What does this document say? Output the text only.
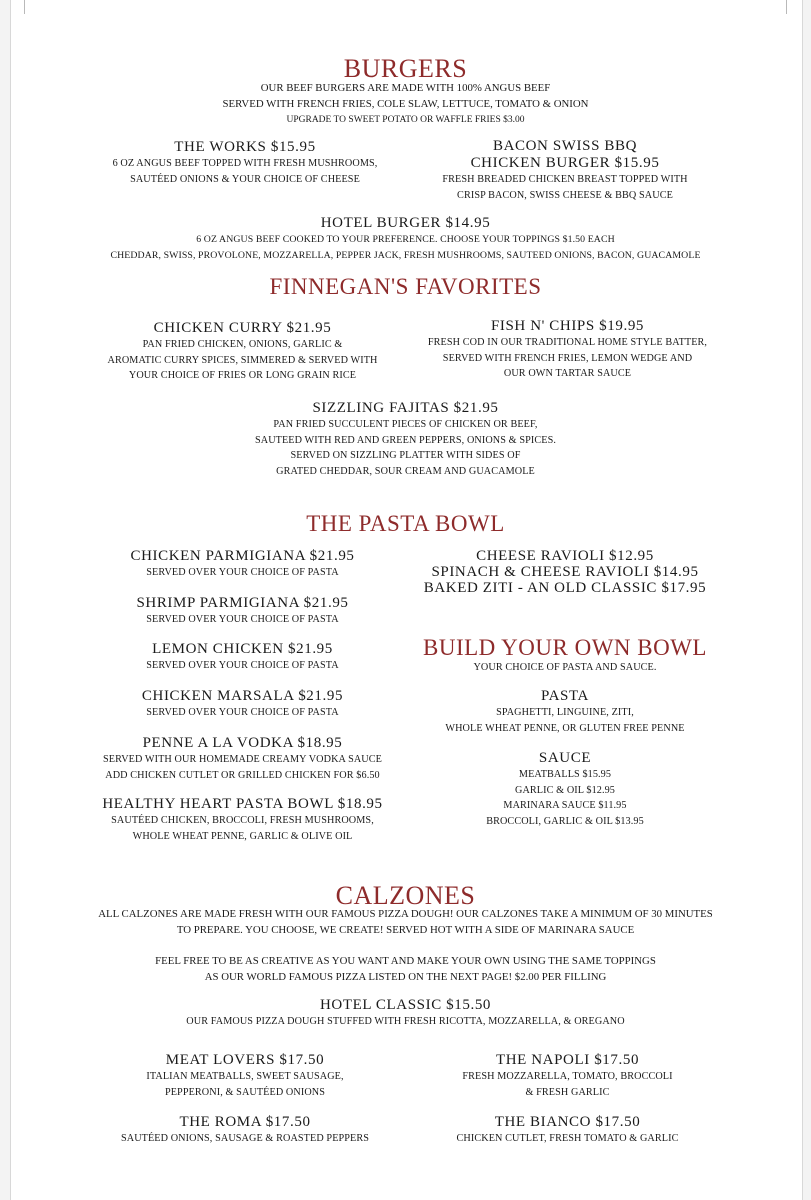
BURGERS
OUR BEEF BURGERS ARE MADE WITH 100% ANGUS BEEF
SERVED WITH FRENCH FRIES, COLE SLAW, LETTUCE, TOMATO & ONION
UPGRADE TO SWEET POTATO OR WAFFLE FRIES $3.00
THE WORKS $15.95
6 OZ ANGUS BEEF TOPPED WITH FRESH MUSHROOMS,
SAUTÉED ONIONS & YOUR CHOICE OF CHEESE
BACON SWISS BBQ
CHICKEN BURGER $15.95
FRESH BREADED CHICKEN BREAST TOPPED WITH
CRISP BACON, SWISS CHEESE & BBQ SAUCE
HOTEL BURGER $14.95
6 OZ ANGUS BEEF COOKED TO YOUR PREFERENCE. CHOOSE YOUR TOPPINGS $1.50 EACH
CHEDDAR, SWISS, PROVOLONE, MOZZARELLA, PEPPER JACK, FRESH MUSHROOMS, SAUTEED ONIONS, BACON, GUACAMOLE
FINNEGAN'S FAVORITES
CHICKEN CURRY $21.95
PAN FRIED CHICKEN, ONIONS, GARLIC &
AROMATIC CURRY SPICES, SIMMERED & SERVED WITH
YOUR CHOICE OF FRIES OR LONG GRAIN RICE
FISH N' CHIPS $19.95
FRESH COD IN OUR TRADITIONAL HOME STYLE BATTER,
SERVED WITH FRENCH FRIES, LEMON WEDGE AND
OUR OWN TARTAR SAUCE
SIZZLING FAJITAS $21.95
PAN FRIED SUCCULENT PIECES OF CHICKEN OR BEEF,
SAUTEED WITH RED AND GREEN PEPPERS, ONIONS & SPICES.
SERVED ON SIZZLING PLATTER WITH SIDES OF
GRATED CHEDDAR, SOUR CREAM AND GUACAMOLE
THE PASTA BOWL
CHICKEN PARMIGIANA $21.95
SERVED OVER YOUR CHOICE OF PASTA
SHRIMP PARMIGIANA $21.95
SERVED OVER YOUR CHOICE OF PASTA
LEMON CHICKEN $21.95
SERVED OVER YOUR CHOICE OF PASTA
CHICKEN MARSALA $21.95
SERVED OVER YOUR CHOICE OF PASTA
PENNE A LA VODKA $18.95
SERVED WITH OUR HOMEMADE CREAMY VODKA SAUCE
ADD CHICKEN CUTLET OR GRILLED CHICKEN FOR $6.50
HEALTHY HEART PASTA BOWL $18.95
SAUTÉED CHICKEN, BROCCOLI, FRESH MUSHROOMS,
WHOLE WHEAT PENNE, GARLIC & OLIVE OIL
CHEESE RAVIOLI $12.95
SPINACH & CHEESE RAVIOLI $14.95
BAKED ZITI - AN OLD CLASSIC $17.95
BUILD YOUR OWN BOWL
YOUR CHOICE OF PASTA AND SAUCE.
PASTA
SPAGHETTI, LINGUINE, ZITI,
WHOLE WHEAT PENNE, OR GLUTEN FREE PENNE
SAUCE
MEATBALLS $15.95
GARLIC & OIL $12.95
MARINARA SAUCE $11.95
BROCCOLI, GARLIC & OIL $13.95
CALZONES
ALL CALZONES ARE MADE FRESH WITH OUR FAMOUS PIZZA DOUGH! OUR CALZONES TAKE A MINIMUM OF 30 MINUTES
TO PREPARE. YOU CHOOSE, WE CREATE! SERVED HOT WITH A SIDE OF MARINARA SAUCE
FEEL FREE TO BE AS CREATIVE AS YOU WANT AND MAKE YOUR OWN USING THE SAME TOPPINGS
AS OUR WORLD FAMOUS PIZZA LISTED ON THE NEXT PAGE! $2.00 PER FILLING
HOTEL CLASSIC $15.50
OUR FAMOUS PIZZA DOUGH STUFFED WITH FRESH RICOTTA, MOZZARELLA, & OREGANO
MEAT LOVERS $17.50
ITALIAN MEATBALLS, SWEET SAUSAGE,
PEPPERONI, & SAUTÉED ONIONS
THE NAPOLI $17.50
FRESH MOZZARELLA, TOMATO, BROCCOLI
& FRESH GARLIC
THE ROMA $17.50
SAUTÉED ONIONS, SAUSAGE & ROASTED PEPPERS
THE BIANCO $17.50
CHICKEN CUTLET, FRESH TOMATO & GARLIC
